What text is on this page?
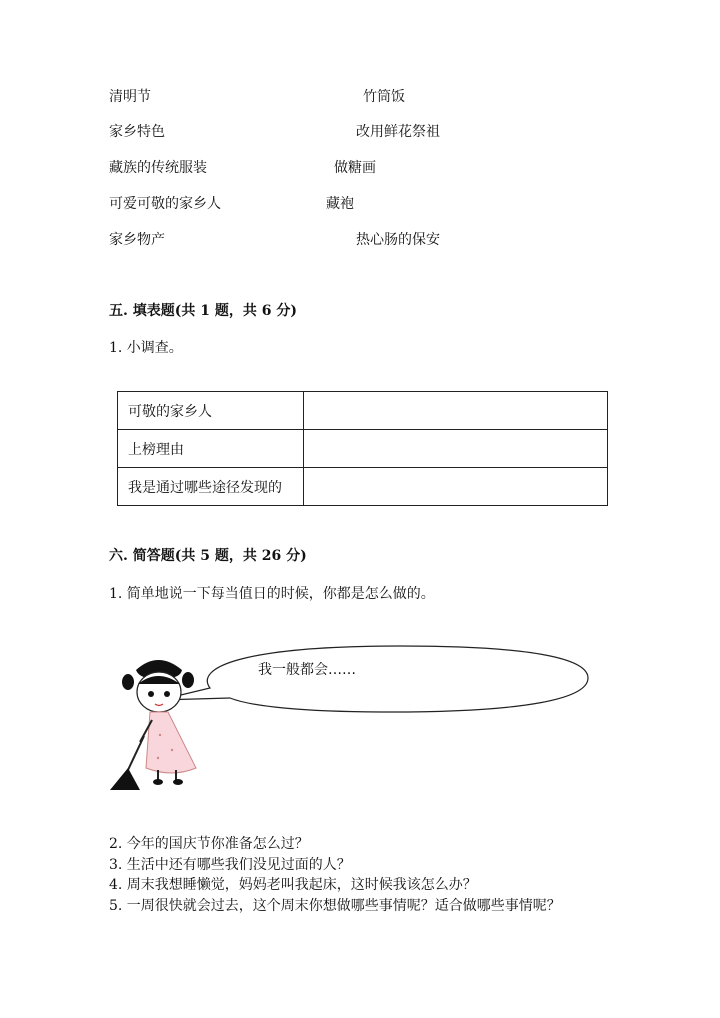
清明节	竹筒饭
家乡特色	改用鲜花祭祖
藏族的传统服装	做糖画
可爱可敬的家乡人	藏袍
家乡物产	热心肠的保安
五. 填表题(共 1 题，共 6 分)
1. 小调查。
可敬的家乡人	
上榜理由	
我是通过哪些途径发现的	
六. 简答题(共 5 题，共 26 分)
1. 简单地说一下每当值日的时候，你都是怎么做的。
我一般都会……
2. 今年的国庆节你准备怎么过？
3. 生活中还有哪些我们没见过面的人？
4. 周末我想睡懒觉，妈妈老叫我起床，这时候我该怎么办？
5. 一周很快就会过去，这个周末你想做哪些事情呢？适合做哪些事情呢？
